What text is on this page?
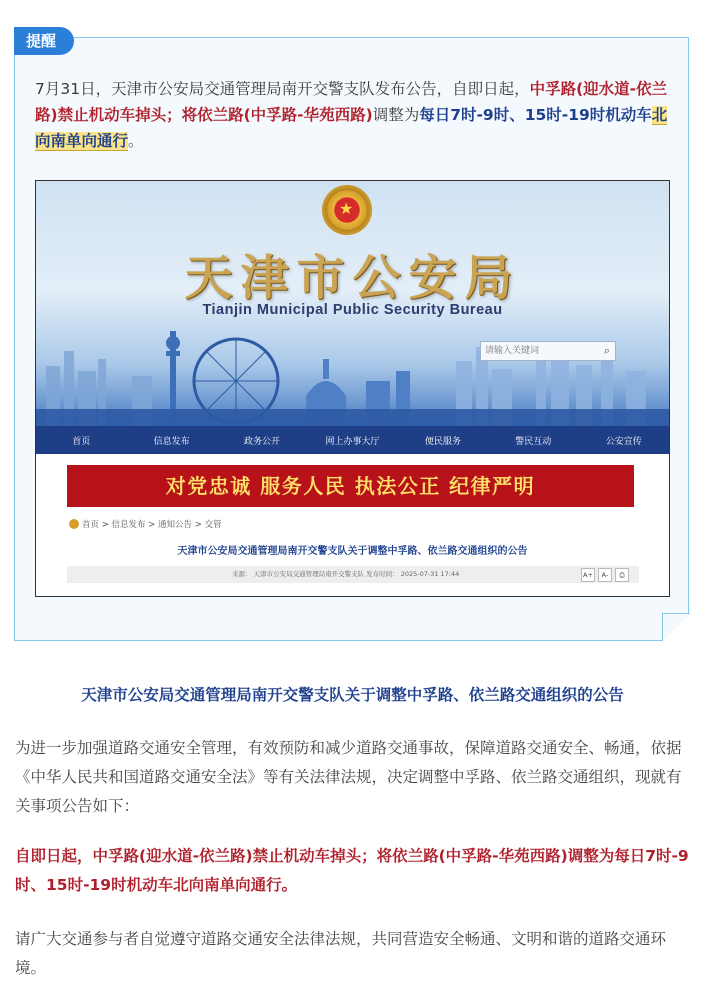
提醒
7月31日，天津市公安局交通管理局南开交警支队发布公告，自即日起，中孚路(迎水道-依兰路)禁止机动车掉头；将依兰路(中孚路-华苑西路)调整为每日7时-9时、15时-19时机动车北向南单向通行。
★
天津市公安局
Tianjin Municipal Public Security Bureau
请输入关键词	⌕
首页	信息发布	政务公开	网上办事大厅	便民服务	警民互动	公安宣传
对党忠诚 服务人民 执法公正 纪律严明
首页 > 信息发布 > 通知公告 > 交管
天津市公安局交通管理局南开交警支队关于调整中孚路、依兰路交通组织的公告
来源： 天津市公安局交通管理局南开交警支队 发布时间： 2025-07-31 17:44	A+	A-	⎙
天津市公安局交通管理局南开交警支队关于调整中孚路、依兰路交通组织的公告
为进一步加强道路交通安全管理，有效预防和减少道路交通事故，保障道路交通安全、畅通，依据《中华人民共和国道路交通安全法》等有关法律法规，决定调整中孚路、依兰路交通组织，现就有关事项公告如下：
自即日起，中孚路(迎水道-依兰路)禁止机动车掉头；将依兰路(中孚路-华苑西路)调整为每日7时-9时、15时-19时机动车北向南单向通行。
请广大交通参与者自觉遵守道路交通安全法律法规，共同营造安全畅通、文明和谐的道路交通环境。
